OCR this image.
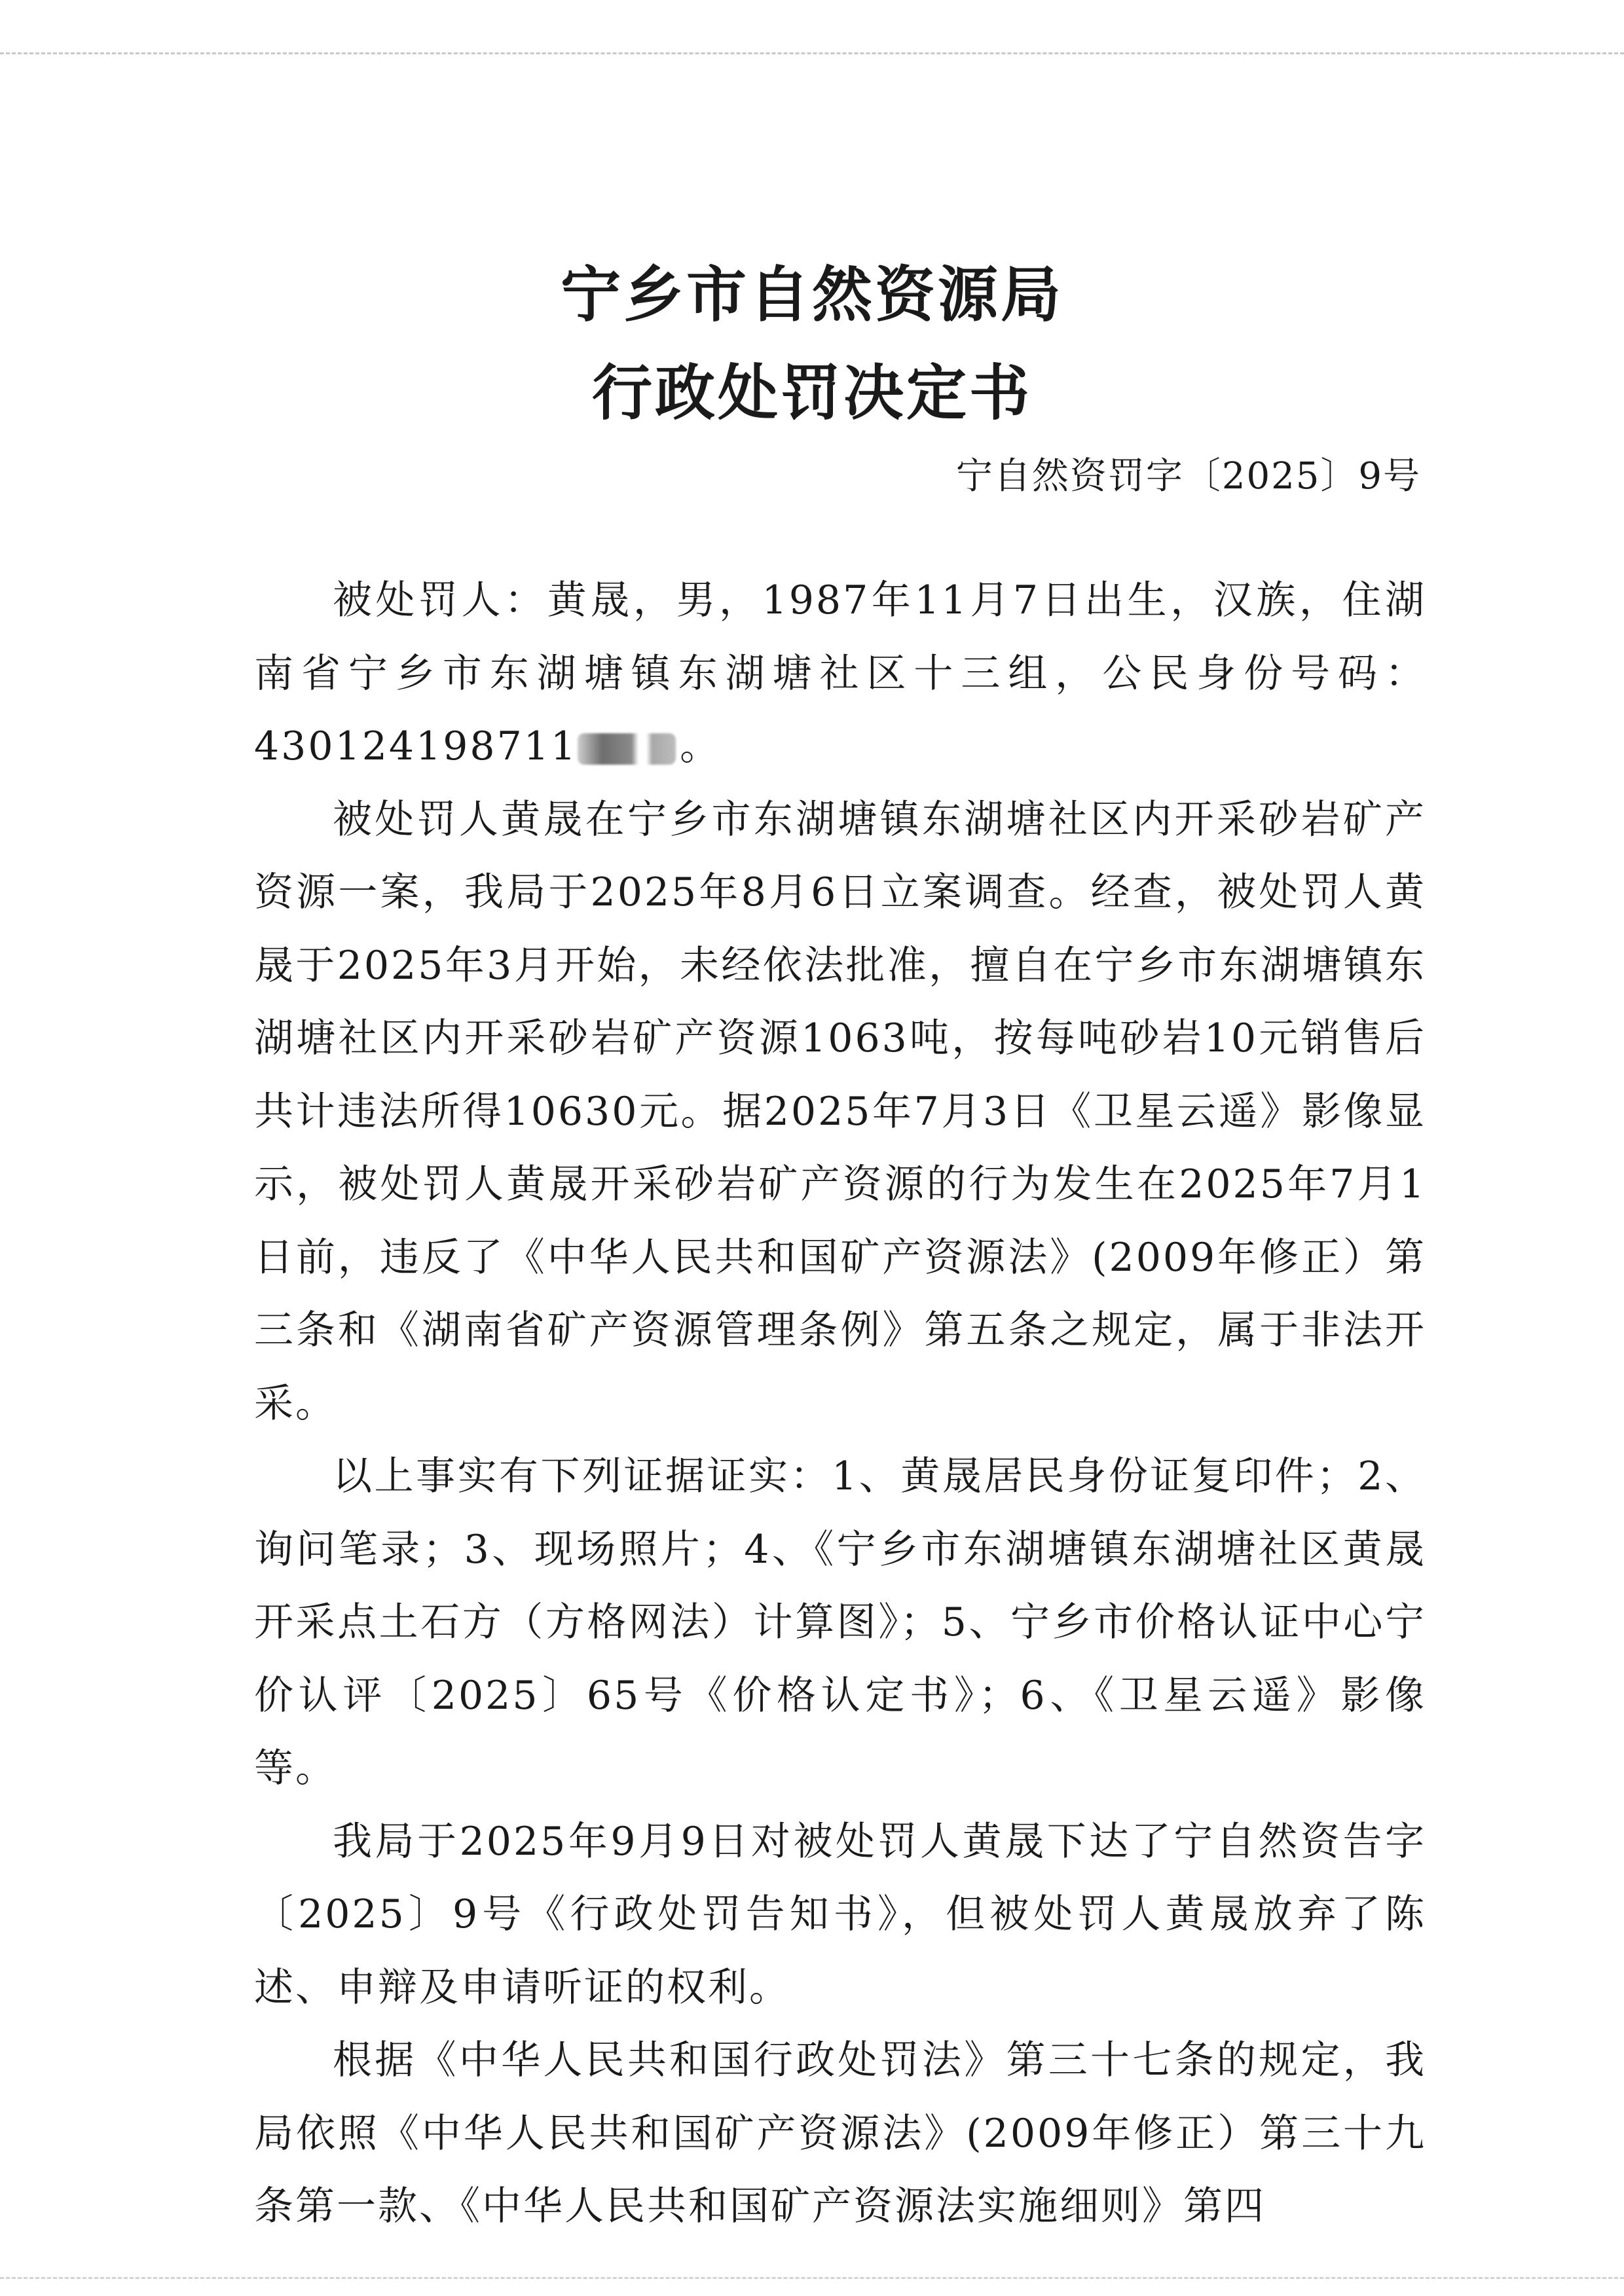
宁乡市自然资源局
行政处罚决定书
宁自然资罚字〔2025〕9号

被处罚人：黄晟，男，1987年11月7日出生，汉族，住湖南省宁乡市东湖塘镇东湖塘社区十三组，公民身份号码：430124198711	。

被处罚人黄晟在宁乡市东湖塘镇东湖塘社区内开采砂岩矿产资源一案，我局于2025年8月6日立案调查。经查，被处罚人黄晟于2025年3月开始，未经依法批准，擅自在宁乡市东湖塘镇东湖塘社区内开采砂岩矿产资源1063吨，按每吨砂岩10元销售后共计违法所得10630元。据2025年7月3日《卫星云遥》影像显示，被处罚人黄晟开采砂岩矿产资源的行为发生在2025年7月1日前，违反了《中华人民共和国矿产资源法》(2009年修正）第三条和《湖南省矿产资源管理条例》第五条之规定，属于非法开采。

以上事实有下列证据证实：1、黄晟居民身份证复印件；2、询问笔录；3、现场照片；4、《宁乡市东湖塘镇东湖塘社区黄晟开采点土石方（方格网法）计算图》；5、宁乡市价格认证中心宁价认评〔2025〕65号《价格认定书》；6、《卫星云遥》影像等。

我局于2025年9月9日对被处罚人黄晟下达了宁自然资告字〔2025〕9号《行政处罚告知书》，但被处罚人黄晟放弃了陈述、申辩及申请听证的权利。

根据《中华人民共和国行政处罚法》第三十七条的规定，我局依照《中华人民共和国矿产资源法》(2009年修正）第三十九条第一款、《中华人民共和国矿产资源法实施细则》第四
